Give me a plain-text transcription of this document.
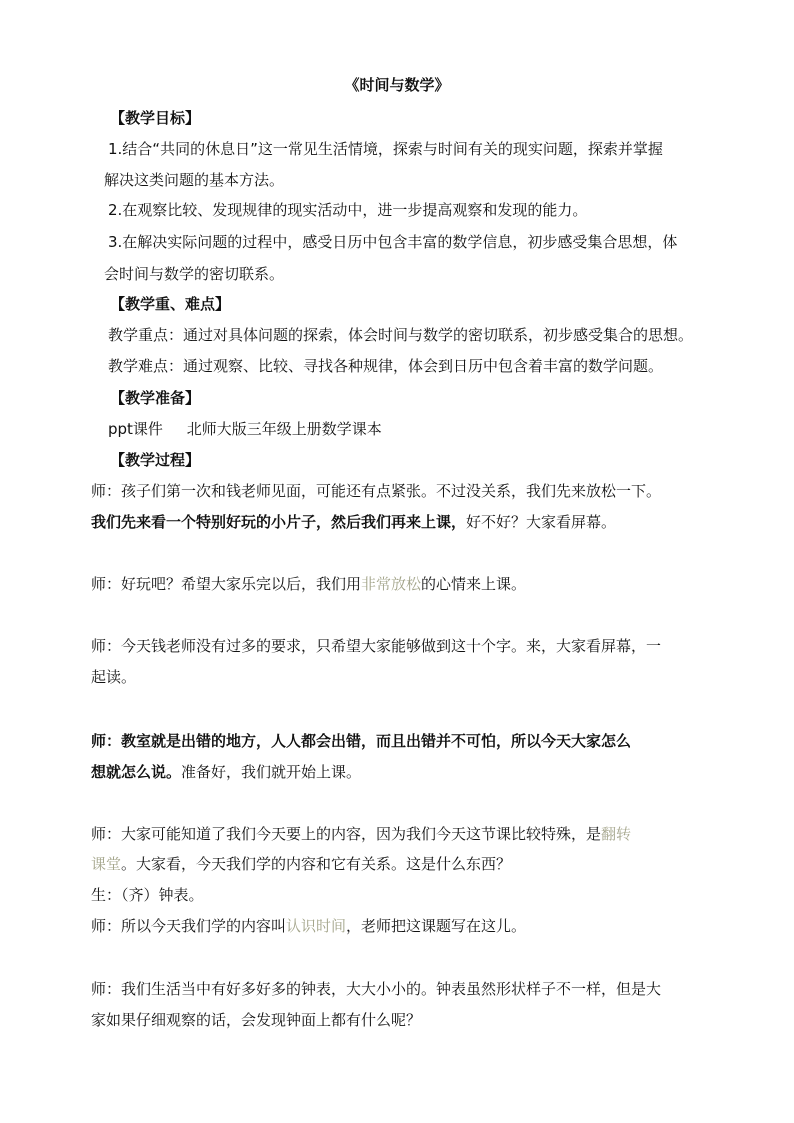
《时间与数学》
【教学目标】
1.结合“共同的休息日”这一常见生活情境，探索与时间有关的现实问题，探索并掌握
解决这类问题的基本方法。
2.在观察比较、发现规律的现实活动中，进一步提高观察和发现的能力。
3.在解决实际问题的过程中，感受日历中包含丰富的数学信息，初步感受集合思想，体
会时间与数学的密切联系。
【教学重、难点】
教学重点：通过对具体问题的探索，体会时间与数学的密切联系，初步感受集合的思想。
教学难点：通过观察、比较、寻找各种规律，体会到日历中包含着丰富的数学问题。
【教学准备】
ppt课件     北师大版三年级上册数学课本
【教学过程】
师：孩子们第一次和钱老师见面，可能还有点紧张。不过没关系，我们先来放松一下。
我们先来看一个特别好玩的小片子，然后我们再来上课，好不好？大家看屏幕。
师：好玩吧？希望大家乐完以后，我们用非常放松的心情来上课。
师：今天钱老师没有过多的要求，只希望大家能够做到这十个字。来，大家看屏幕，一
起读。
师：教室就是出错的地方，人人都会出错，而且出错并不可怕，所以今天大家怎么
想就怎么说。准备好，我们就开始上课。
师：大家可能知道了我们今天要上的内容，因为我们今天这节课比较特殊，是翻转
课堂。大家看，今天我们学的内容和它有关系。这是什么东西？
生：（齐）钟表。
师：所以今天我们学的内容叫认识时间，老师把这课题写在这儿。
师：我们生活当中有好多好多的钟表，大大小小的。钟表虽然形状样子不一样，但是大
家如果仔细观察的话，会发现钟面上都有什么呢？
